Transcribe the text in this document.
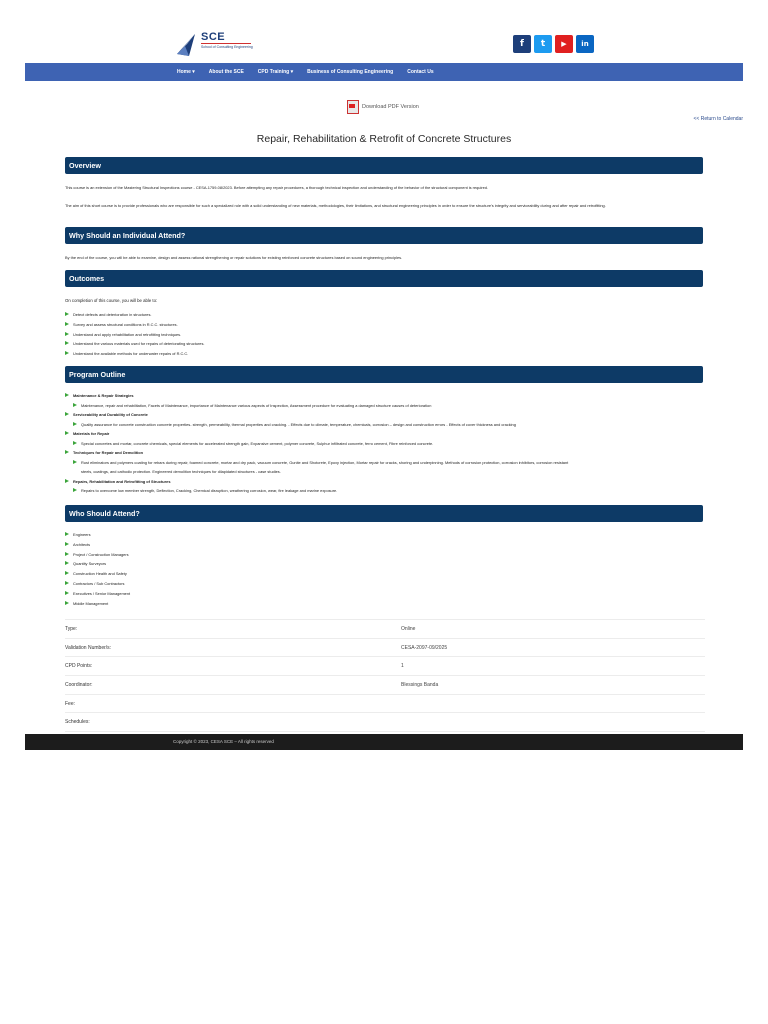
SCE
School of Consulting Engineering	f	t	▶	in
Home ▾	About the SCE	CPD Training ▾	Business of Consulting Engineering	Contact Us
Download PDF Version
<< Return to Calendar
Repair, Rehabilitation & Retrofit of Concrete Structures
Overview
This course is an extension of the Mastering Structural Inspections course - CESA-1759-08/2023. Before attempting any repair procedures, a thorough technical inspection and understanding of the behavior of the structural component is required.
The aim of this short course is to provide professionals who are responsible for such a specialized role with a solid understanding of new materials, methodologies, their limitations, and structural engineering principles in order to ensure the structure's integrity and serviceability during and after repair and retrofitting.
Why Should an Individual Attend?
By the end of the course, you will be able to examine, design and assess rational strengthening or repair solutions for existing reinforced concrete structures based on sound engineering principles.
Outcomes
On completion of this course, you will be able to:
Detect defects and deterioration in structures.
Survey and assess structural conditions in R.C.C. structures.
Understand and apply rehabilitation and retrofitting techniques.
Understand the various materials used for repairs of deteriorating structures.
Understand the available methods for underwater repairs of R.C.C.
Program Outline
Maintenance & Repair Strategies
Maintenance, repair and rehabilitation, Facets of Maintenance, importance of Maintenance various aspects of Inspection, Assessment procedure for evaluating a damaged structure causes of deterioration
Serviceability and Durability of Concrete
Quality assurance for concrete construction concrete properties- strength, permeability, thermal properties and cracking. - Effects due to climate, temperature, chemicals, corrosion – design and construction errors - Effects of cover thickness and cracking
Materials for Repair
Special concretes and mortar, concrete chemicals, special elements for accelerated strength gain, Expansive cement, polymer concrete, Sulphur infiltrated concrete, ferro cement, Fibre reinforced concrete.
Techniques for Repair and Demolition
Rust eliminators and polymers coating for rebars during repair, foamed concrete, mortar and dry pack, vacuum concrete, Gunite and Shotcrete, Epoxy injection, Mortar repair for cracks, shoring and underpinning. Methods of corrosion protection, corrosion inhibitors, corrosion resistant
steels, coatings, and cathodic protection. Engineered demolition techniques for dilapidated structures - case studies.
Repairs, Rehabilitation and Retrofitting of Structures
Repairs to overcome low member strength, Deflection, Cracking, Chemical disruption, weathering corrosion, wear, fire leakage and marine exposure.
Who Should Attend?
Engineers
Architects
Project / Construction Managers
Quantity Surveyors
Construction Health and Safety
Contractors / Sub Contractors
Executives / Senior Management
Middle Management
Type:	Online
Validation Number/s:	CESA-2097-09/2025
CPD Points:	1
Coordinator:	Blessings Banda
Fee:
Schedules:
Copyright © 2023, CESA SCE – All rights reserved
